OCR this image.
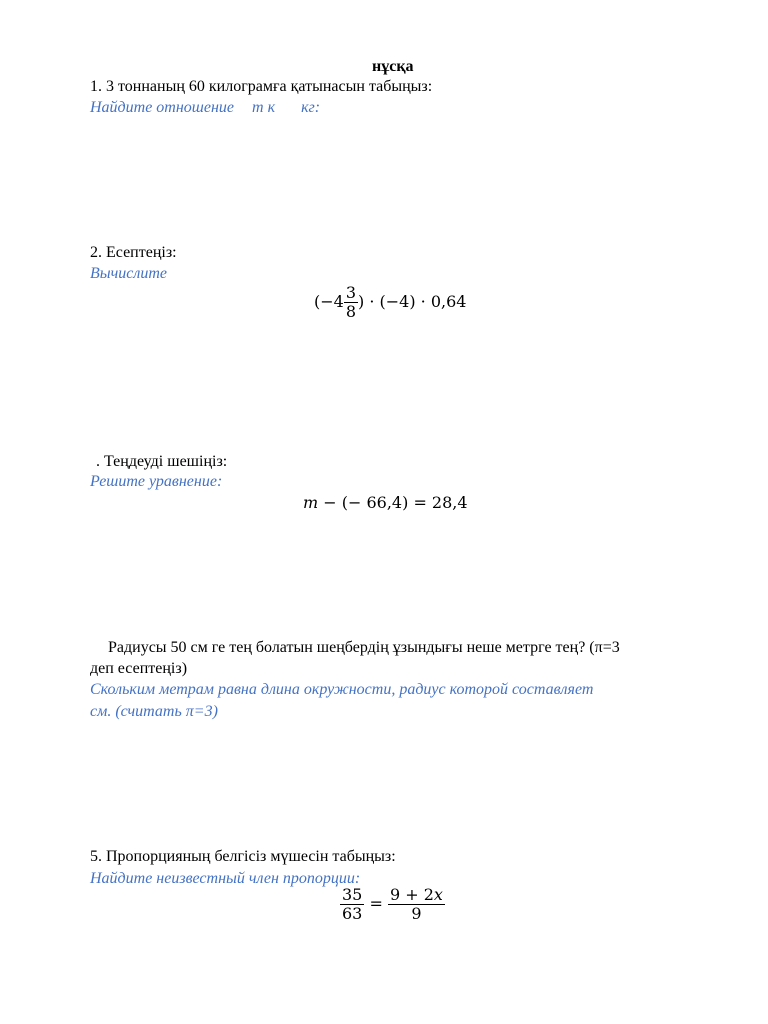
нұсқа
1. 3 тоннаның 60 килограмға қатынасын табыңыз:
Найдите отношение т к кг:
2. Есептеңіз:
Вычислите
($-4 \frac{3}{8}$ ) · (−4) · 0,64
. Теңдеуді шешіңіз:
Решите уравнение:
m − (− 66,4) = 28,4
Радиусы 50 см ге тең болатын шеңбердің ұзындығы неше метрге тең? (π=3
деп есептеңіз)
Скольким метрам равна длина окружности, радиус которой составляет
см. (считать π=3)
5. Пропорцияның белгісіз мүшесін табыңыз:
Найдите неизвестный член пропорции:
$\frac{35}{63} = \frac{9 + 2x}{9}$
